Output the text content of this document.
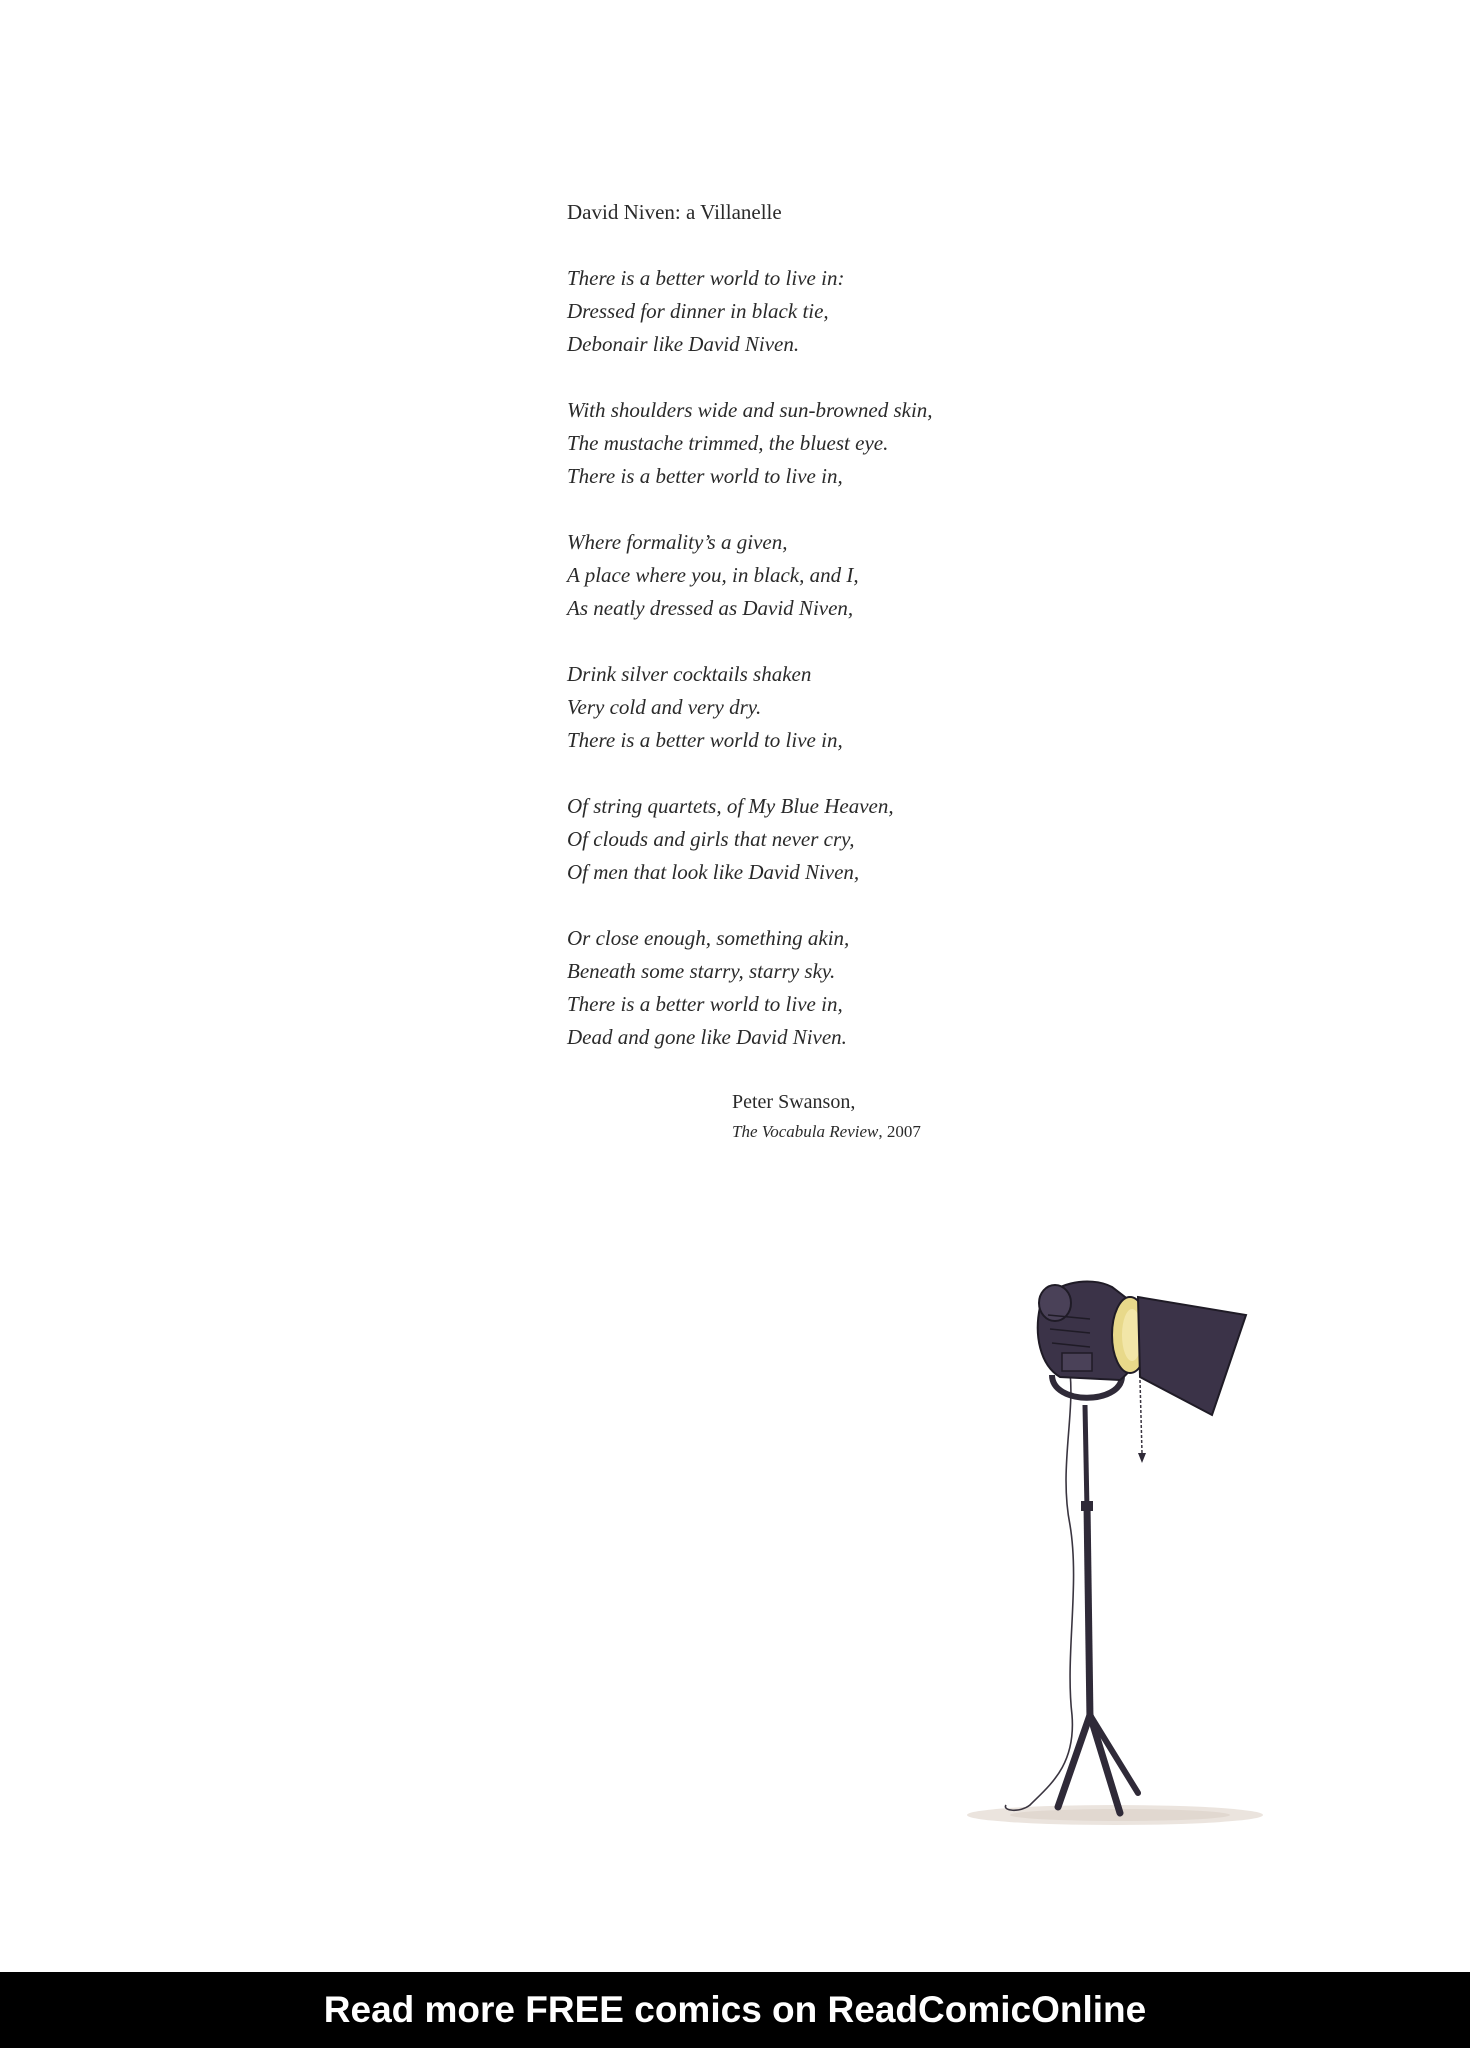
David Niven: a Villanelle
There is a better world to live in:
Dressed for dinner in black tie,
Debonair like David Niven.
With shoulders wide and sun-browned skin,
The mustache trimmed, the bluest eye.
There is a better world to live in,
Where formality’s a given,
A place where you, in black, and I,
As neatly dressed as David Niven,
Drink silver cocktails shaken
Very cold and very dry.
There is a better world to live in,
Of string quartets, of My Blue Heaven,
Of clouds and girls that never cry,
Of men that look like David Niven,
Or close enough, something akin,
Beneath some starry, starry sky.
There is a better world to live in,
Dead and gone like David Niven.
Peter Swanson,
The Vocabula Review, 2007
Read more FREE comics on ReadComicOnline
